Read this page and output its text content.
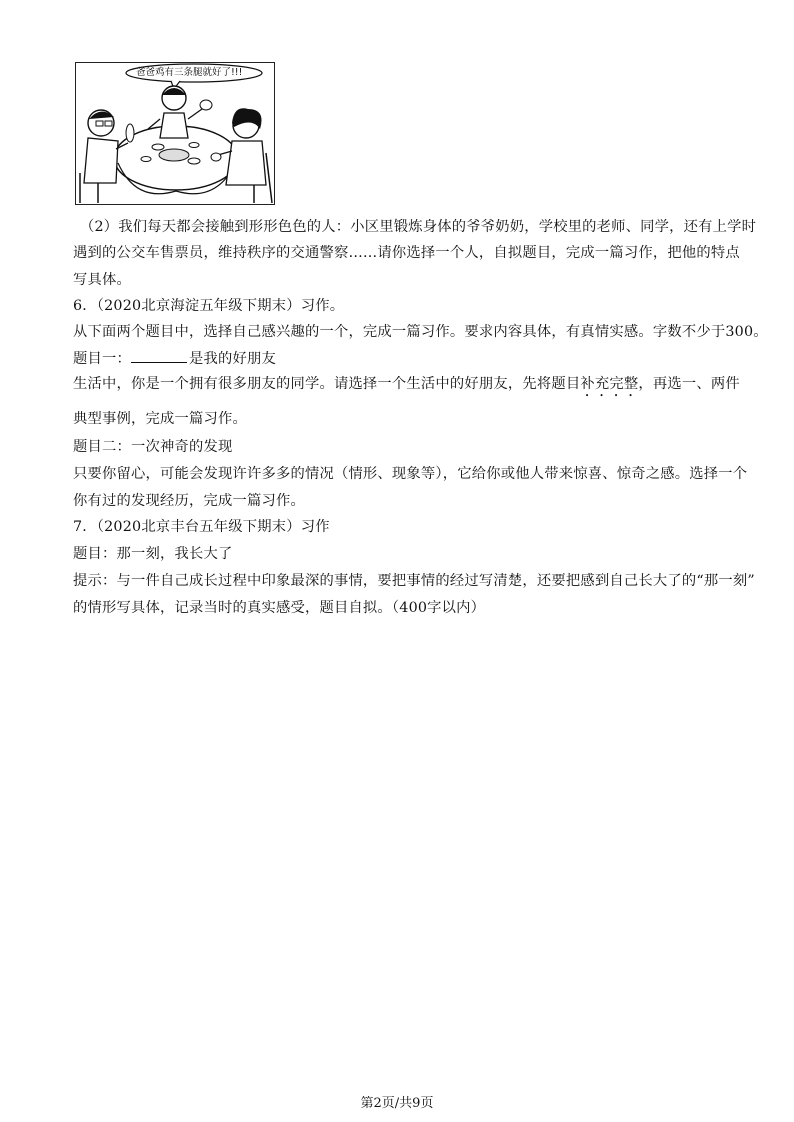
爸爸鸡有三条腿就好了!!!
（2）我们每天都会接触到形形色色的人：小区里锻炼身体的爷爷奶奶，学校里的老师、同学，还有上学时
遇到的公交车售票员，维持秩序的交通警察……请你选择一个人，自拟题目，完成一篇习作，把他的特点
写具体。
6．（2020北京海淀五年级下期末）习作。
从下面两个题目中，选择自己感兴趣的一个，完成一篇习作。要求内容具体，有真情实感。字数不少于300。
题目一：	是我的好朋友
生活中，你是一个拥有很多朋友的同学。请选择一个生活中的好朋友，先将题目补充完整，再选一、两件
典型事例，完成一篇习作。
题目二：一次神奇的发现
只要你留心，可能会发现许许多多的情况（情形、现象等），它给你或他人带来惊喜、惊奇之感。选择一个
你有过的发现经历，完成一篇习作。
7．（2020北京丰台五年级下期末）习作
题目：那一刻，我长大了
提示：与一件自己成长过程中印象最深的事情，要把事情的经过写清楚，还要把感到自己长大了的“那一刻”
的情形写具体，记录当时的真实感受，题目自拟。（400字以内）
第2页/共9页
